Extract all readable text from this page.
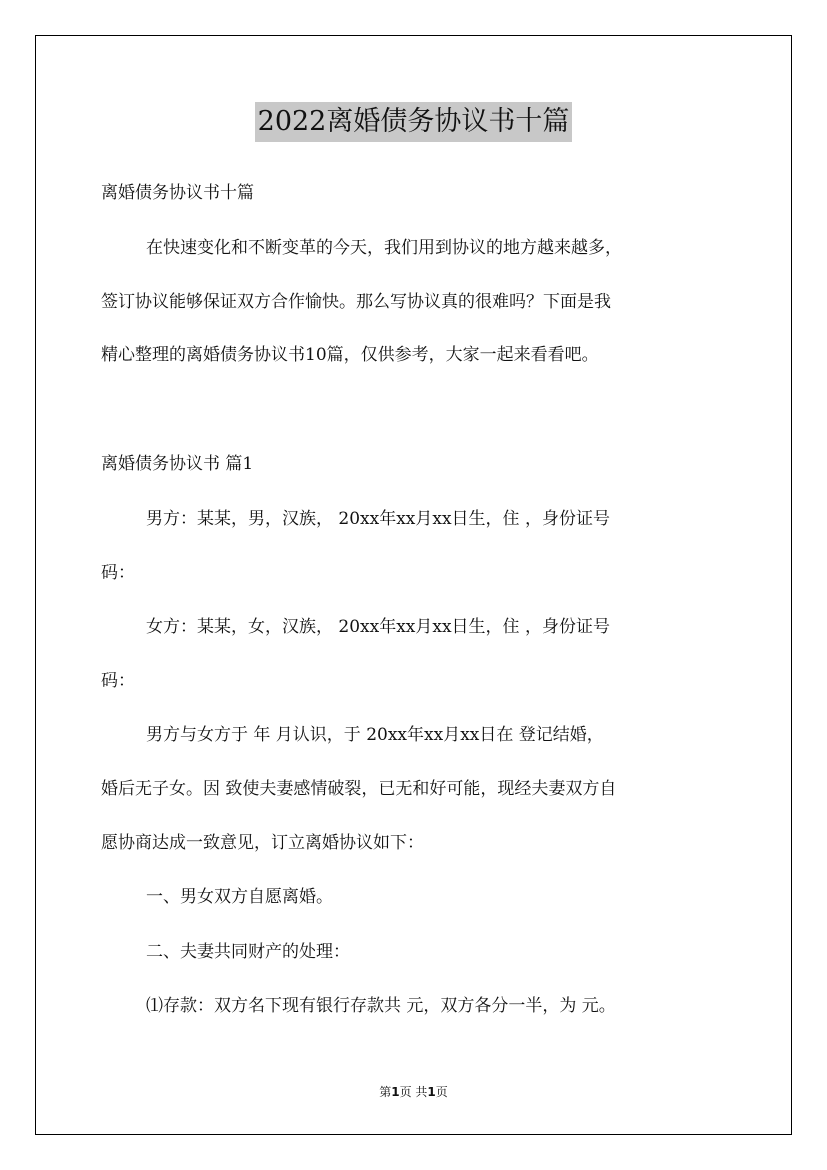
2022离婚债务协议书十篇
离婚债务协议书十篇
在快速变化和不断变革的今天，我们用到协议的地方越来越多，
签订协议能够保证双方合作愉快。那么写协议真的很难吗？下面是我
精心整理的离婚债务协议书10篇，仅供参考，大家一起来看看吧。
离婚债务协议书 篇1
男方：某某，男，汉族， 20xx年xx月xx日生，住 ，身份证号
码：
女方：某某，女，汉族， 20xx年xx月xx日生，住 ，身份证号
码：
男方与女方于 年 月认识，于 20xx年xx月xx日在 登记结婚，
婚后无子女。因 致使夫妻感情破裂，已无和好可能，现经夫妻双方自
愿协商达成一致意见，订立离婚协议如下：
一、男女双方自愿离婚。
二、夫妻共同财产的处理：
⑴存款：双方名下现有银行存款共 元，双方各分一半，为 元。
第1页 共1页
